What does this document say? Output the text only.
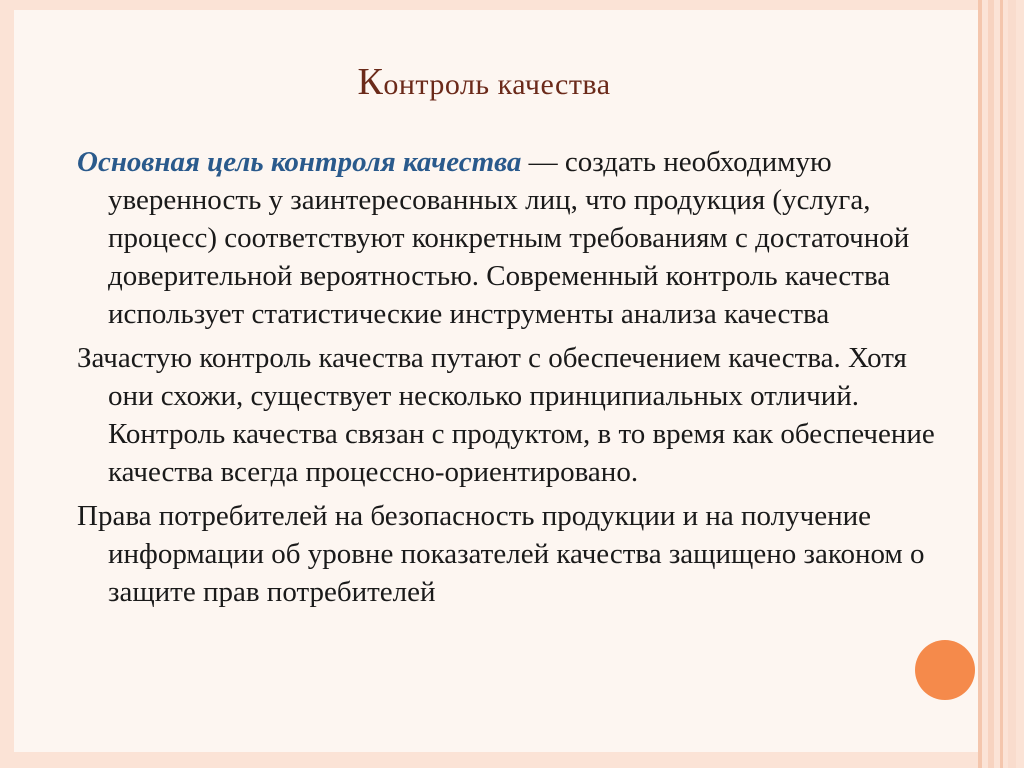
Контроль качества

Основная цель контроля качества — создать необходимую уверенность у заинтересованных лиц, что продукция (услуга, процесс) соответствуют конкретным требованиям с достаточной доверительной вероятностью. Современный контроль качества использует статистические инструменты анализа качества

Зачастую контроль качества путают с обеспечением качества. Хотя они схожи, существует несколько принципиальных отличий. Контроль качества связан с продуктом, в то время как обеспечение качества всегда процессно-ориентировано.

Права потребителей на безопасность продукции и на получение информации об уровне показателей качества защищено законом о защите прав потребителей
